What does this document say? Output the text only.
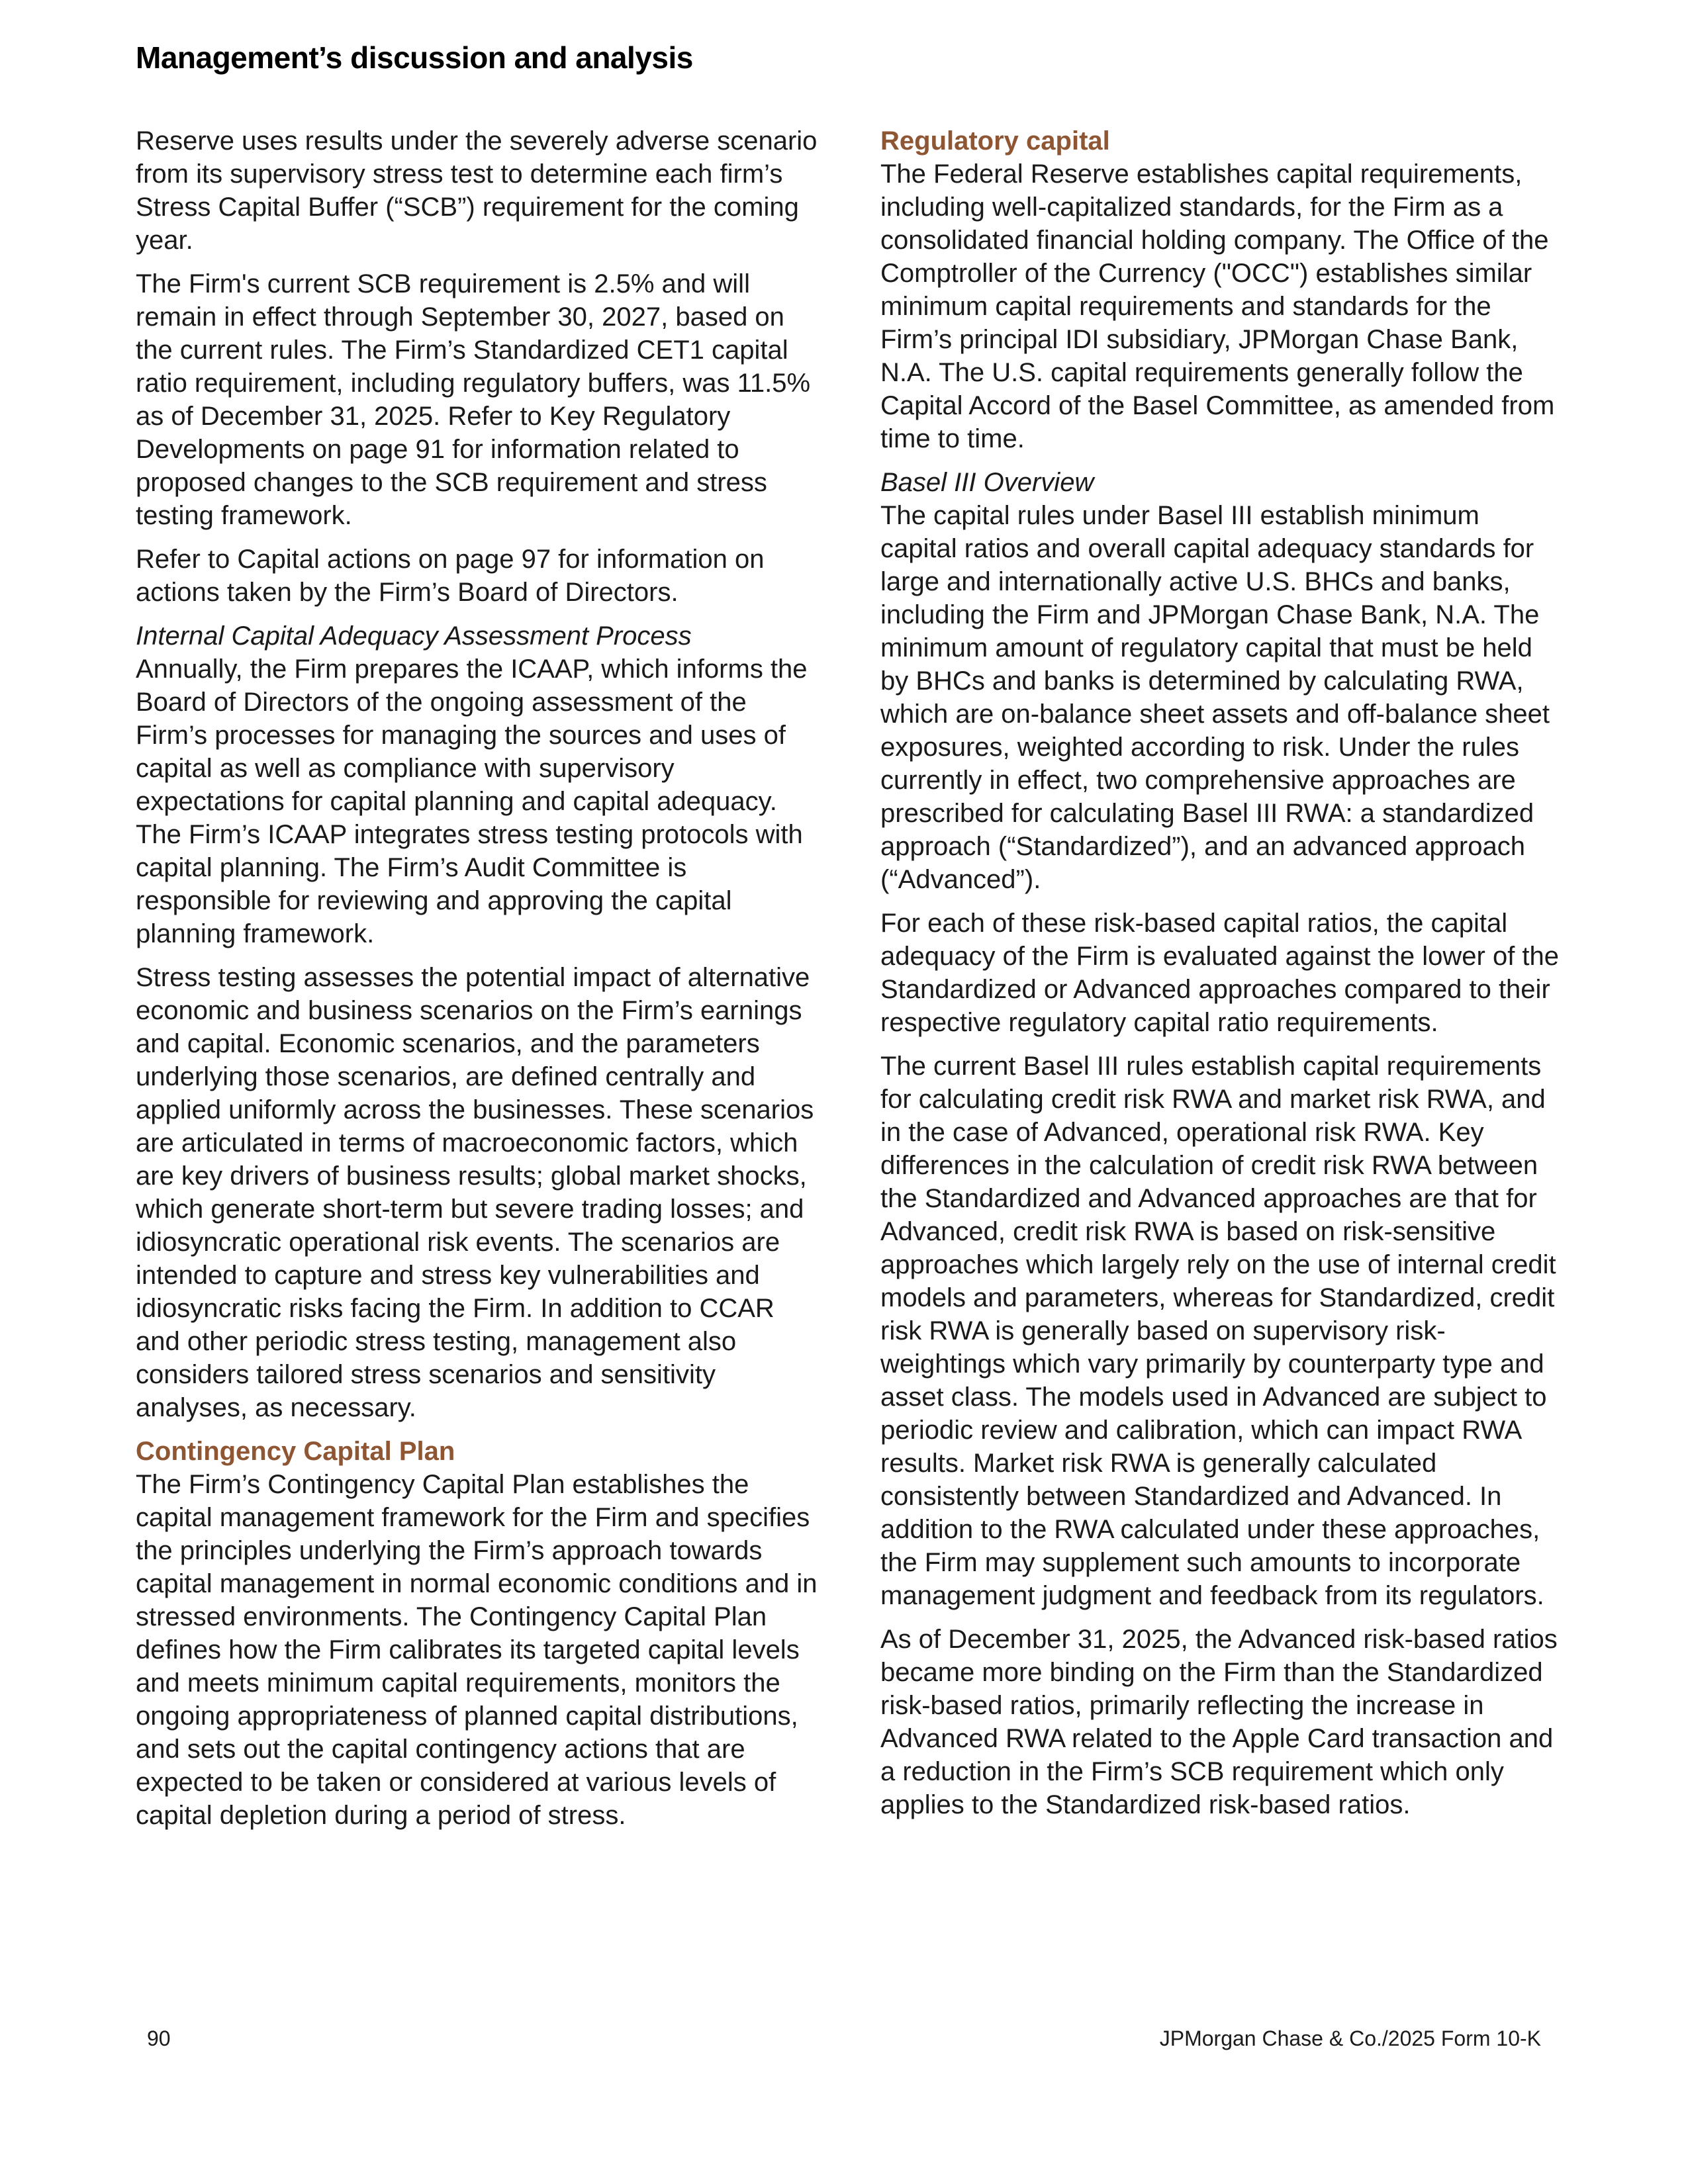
Management’s discussion and analysis

Reserve uses results under the severely adverse scenario from its supervisory stress test to determine each firm’s Stress Capital Buffer (“SCB”) requirement for the coming year.

The Firm's current SCB requirement is 2.5% and will remain in effect through September 30, 2027, based on the current rules. The Firm’s Standardized CET1 capital ratio requirement, including regulatory buffers, was 11.5% as of December 31, 2025. Refer to Key Regulatory Developments on page 91 for information related to proposed changes to the SCB requirement and stress testing framework.

Refer to Capital actions on page 97 for information on actions taken by the Firm’s Board of Directors.

Internal Capital Adequacy Assessment Process

Annually, the Firm prepares the ICAAP, which informs the Board of Directors of the ongoing assessment of the Firm’s processes for managing the sources and uses of capital as well as compliance with supervisory expectations for capital planning and capital adequacy. The Firm’s ICAAP integrates stress testing protocols with capital planning. The Firm’s Audit Committee is responsible for reviewing and approving the capital planning framework.

Stress testing assesses the potential impact of alternative economic and business scenarios on the Firm’s earnings and capital. Economic scenarios, and the parameters underlying those scenarios, are defined centrally and applied uniformly across the businesses. These scenarios are articulated in terms of macroeconomic factors, which are key drivers of business results; global market shocks, which generate short-term but severe trading losses; and idiosyncratic operational risk events. The scenarios are intended to capture and stress key vulnerabilities and idiosyncratic risks facing the Firm. In addition to CCAR and other periodic stress testing, management also considers tailored stress scenarios and sensitivity analyses, as necessary.

Contingency Capital Plan

The Firm’s Contingency Capital Plan establishes the capital management framework for the Firm and specifies the principles underlying the Firm’s approach towards capital management in normal economic conditions and in stressed environments. The Contingency Capital Plan defines how the Firm calibrates its targeted capital levels and meets minimum capital requirements, monitors the ongoing appropriateness of planned capital distributions, and sets out the capital contingency actions that are expected to be taken or considered at various levels of capital depletion during a period of stress.

Regulatory capital

The Federal Reserve establishes capital requirements, including well-capitalized standards, for the Firm as a consolidated financial holding company. The Office of the Comptroller of the Currency ("OCC") establishes similar minimum capital requirements and standards for the Firm’s principal IDI subsidiary, JPMorgan Chase Bank, N.A. The U.S. capital requirements generally follow the Capital Accord of the Basel Committee, as amended from time to time.

Basel III Overview

The capital rules under Basel III establish minimum capital ratios and overall capital adequacy standards for large and internationally active U.S. BHCs and banks, including the Firm and JPMorgan Chase Bank, N.A. The minimum amount of regulatory capital that must be held by BHCs and banks is determined by calculating RWA, which are on-balance sheet assets and off-balance sheet exposures, weighted according to risk. Under the rules currently in effect, two comprehensive approaches are prescribed for calculating Basel III RWA: a standardized approach (“Standardized”), and an advanced approach (“Advanced”).

For each of these risk-based capital ratios, the capital adequacy of the Firm is evaluated against the lower of the Standardized or Advanced approaches compared to their respective regulatory capital ratio requirements.

The current Basel III rules establish capital requirements for calculating credit risk RWA and market risk RWA, and in the case of Advanced, operational risk RWA. Key differences in the calculation of credit risk RWA between the Standardized and Advanced approaches are that for Advanced, credit risk RWA is based on risk-sensitive approaches which largely rely on the use of internal credit models and parameters, whereas for Standardized, credit risk RWA is generally based on supervisory risk-weightings which vary primarily by counterparty type and asset class. The models used in Advanced are subject to periodic review and calibration, which can impact RWA results. Market risk RWA is generally calculated consistently between Standardized and Advanced. In addition to the RWA calculated under these approaches, the Firm may supplement such amounts to incorporate management judgment and feedback from its regulators.

As of December 31, 2025, the Advanced risk-based ratios became more binding on the Firm than the Standardized risk-based ratios, primarily reflecting the increase in Advanced RWA related to the Apple Card transaction and a reduction in the Firm’s SCB requirement which only applies to the Standardized risk-based ratios.

90	JPMorgan Chase & Co./2025 Form 10-K
